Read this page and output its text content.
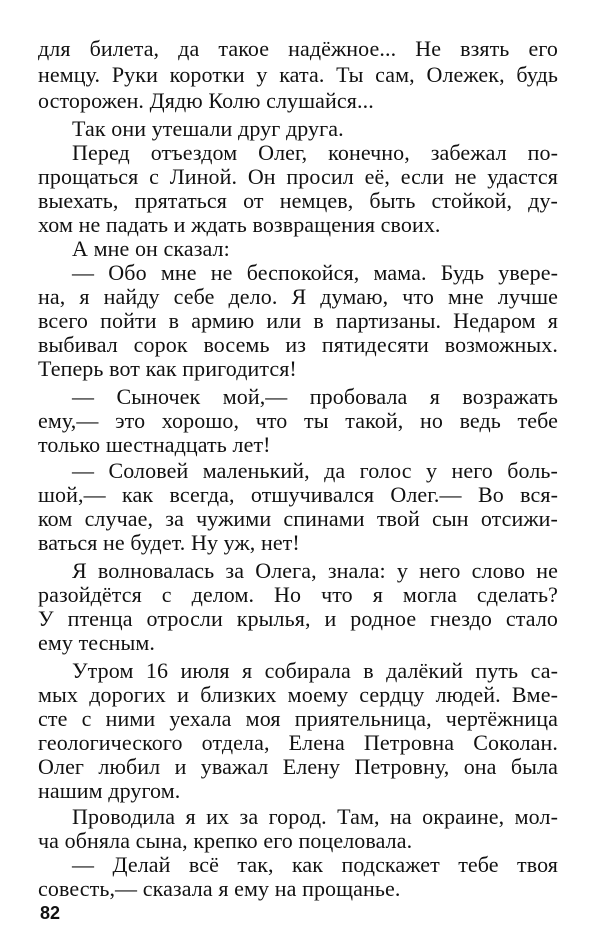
для билета, да такое надёжное... Не взять его
немцу. Руки коротки у ката. Ты сам, Олежек, будь
осторожен. Дядю Колю слушайся...
Так они утешали друг друга.
Перед отъездом Олег, конечно, забежал по-
прощаться с Линой. Он просил её, если не удастся
выехать, прятаться от немцев, быть стойкой, ду-
хом не падать и ждать возвращения своих.
А мне он сказал:
— Обо мне не беспокойся, мама. Будь увере-
на, я найду себе дело. Я думаю, что мне лучше
всего пойти в армию или в партизаны. Недаром я
выбивал сорок восемь из пятидесяти возможных.
Теперь вот как пригодится!
— Сыночек мой,— пробовала я возражать
ему,— это хорошо, что ты такой, но ведь тебе
только шестнадцать лет!
— Соловей маленький, да голос у него боль-
шой,— как всегда, отшучивался Олег.— Во вся-
ком случае, за чужими спинами твой сын отсижи-
ваться не будет. Ну уж, нет!
Я волновалась за Олега, знала: у него слово не
разойдётся с делом. Но что я могла сделать?
У птенца отросли крылья, и родное гнездо стало
ему тесным.
Утром 16 июля я собирала в далёкий путь са-
мых дорогих и близких моему сердцу людей. Вме-
сте с ними уехала моя приятельница, чертёжница
геологического отдела, Елена Петровна Соколан.
Олег любил и уважал Елену Петровну, она была
нашим другом.
Проводила я их за город. Там, на окраине, мол-
ча обняла сына, крепко его поцеловала.
— Делай всё так, как подскажет тебе твоя
совесть,— сказала я ему на прощанье.
82
